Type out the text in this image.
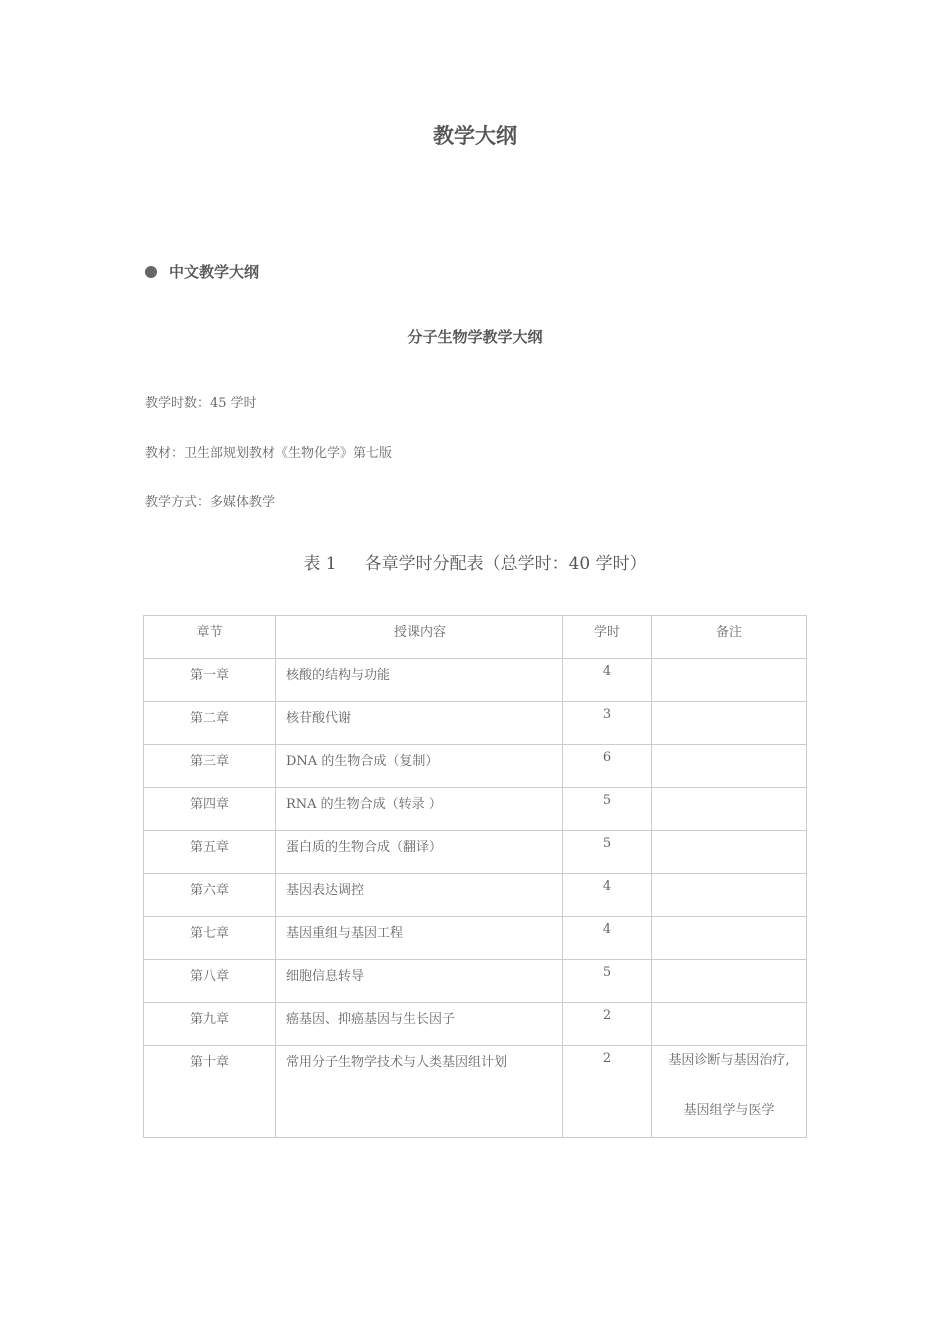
教学大纲
中文教学大纲
分子生物学教学大纲
教学时数：45 学时
教材：卫生部规划教材《生物化学》第七版
教学方式：多媒体教学
表 1 各章学时分配表（总学时：40 学时）
章节	授课内容	学时	备注
第一章	核酸的结构与功能	4	
第二章	核苷酸代谢	3	
第三章	DNA 的生物合成（复制）	6	
第四章	RNA 的生物合成（转录 ）	5	
第五章	蛋白质的生物合成（翻译）	5	
第六章	基因表达调控	4	
第七章	基因重组与基因工程	4	
第八章	细胞信息转导	5	
第九章	癌基因、抑癌基因与生长因子	2	
第十章	常用分子生物学技术与人类基因组计划	2	基因诊断与基因治疗,
基因组学与医学
